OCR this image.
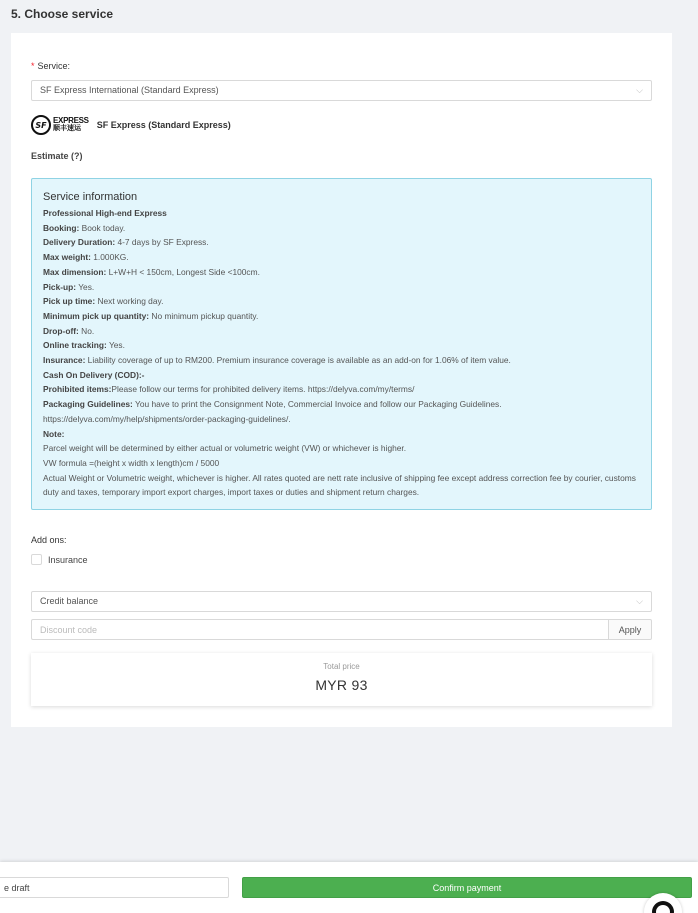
5. Choose service
* Service:
SF Express International (Standard Express)	⌵
SF EXPRESS
顺丰速运	SF Express (Standard Express)
Estimate (?)
Service information
Professional High-end Express
Booking: Book today.
Delivery Duration: 4-7 days by SF Express.
Max weight: 1.000KG.
Max dimension: L+W+H < 150cm, Longest Side <100cm.
Pick-up: Yes.
Pick up time: Next working day.
Minimum pick up quantity: No minimum pickup quantity.
Drop-off: No.
Online tracking: Yes.
Insurance: Liability coverage of up to RM200. Premium insurance coverage is available as an add-on for 1.06% of item value.
Cash On Delivery (COD):-
Prohibited items:Please follow our terms for prohibited delivery items. https://delyva.com/my/terms/
Packaging Guidelines: You have to print the Consignment Note, Commercial Invoice and follow our Packaging Guidelines.
https://delyva.com/my/help/shipments/order-packaging-guidelines/.
Note:
Parcel weight will be determined by either actual or volumetric weight (VW) or whichever is higher.
VW formula =(height x width x length)cm / 5000
Actual Weight or Volumetric weight, whichever is higher. All rates quoted are nett rate inclusive of shipping fee except address correction fee by courier, customs duty and taxes, temporary import export charges, import taxes or duties and shipment return charges.
Add ons:
Insurance
Credit balance	⌵
Discount code
Apply
Total price
MYR 93
e draft	Confirm payment
